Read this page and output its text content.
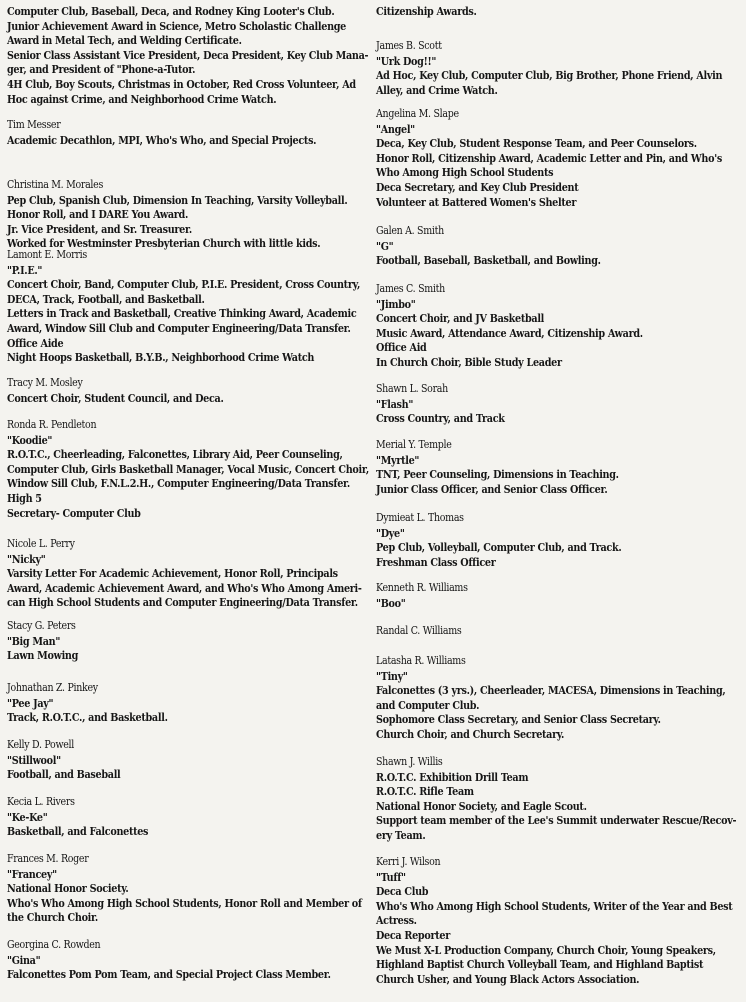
Computer Club, Baseball, Deca, and Rodney King Looter's Club.
Junior Achievement Award in Science, Metro Scholastic Challenge
Award in Metal Tech, and Welding Certificate.
Senior Class Assistant Vice President, Deca President, Key Club Mana-
ger, and President of "Phone-a-Tutor.
4H Club, Boy Scouts, Christmas in October, Red Cross Volunteer, Ad
Hoc against Crime, and Neighborhood Crime Watch.
Tim Messer
Academic Decathlon, MPI, Who's Who, and Special Projects.
Christina M. Morales
Pep Club, Spanish Club, Dimension In Teaching, Varsity Volleyball.
Honor Roll, and I DARE You Award.
Jr. Vice President, and Sr. Treasurer.
Worked for Westminster Presbyterian Church with little kids.
Lamont E. Morris
"P.I.E."
Concert Choir, Band, Computer Club, P.I.E. President, Cross Country,
DECA, Track, Football, and Basketball.
Letters in Track and Basketball, Creative Thinking Award, Academic
Award, Window Sill Club and Computer Engineering/Data Transfer.
Office Aide
Night Hoops Basketball, B.Y.B., Neighborhood Crime Watch
Tracy M. Mosley
Concert Choir, Student Council, and Deca.
Ronda R. Pendleton
"Koodie"
R.O.T.C., Cheerleading, Falconettes, Library Aid, Peer Counseling,
Computer Club, Girls Basketball Manager, Vocal Music, Concert Choir,
Window Sill Club, F.N.L.2.H., Computer Engineering/Data Transfer.
High 5
Secretary- Computer Club
Nicole L. Perry
"Nicky"
Varsity Letter For Academic Achievement, Honor Roll, Principals
Award, Academic Achievement Award, and Who's Who Among Ameri-
can High School Students and Computer Engineering/Data Transfer.
Stacy G. Peters
"Big Man"
Lawn Mowing
Johnathan Z. Pinkey
"Pee Jay"
Track, R.O.T.C., and Basketball.
Kelly D. Powell
"Stillwool"
Football, and Baseball
Kecia L. Rivers
"Ke-Ke"
Basketball, and Falconettes
Frances M. Roger
"Francey"
National Honor Society.
Who's Who Among High School Students, Honor Roll and Member of
the Church Choir.
Georgina C. Rowden
"Gina"
Falconettes Pom Pom Team, and Special Project Class Member.
Citizenship Awards.
James B. Scott
"Urk Dog!!"
Ad Hoc, Key Club, Computer Club, Big Brother, Phone Friend, Alvin
Alley, and Crime Watch.
Angelina M. Slape
"Angel"
Deca, Key Club, Student Response Team, and Peer Counselors.
Honor Roll, Citizenship Award, Academic Letter and Pin, and Who's
Who Among High School Students
Deca Secretary, and Key Club President
Volunteer at Battered Women's Shelter
Galen A. Smith
"G"
Football, Baseball, Basketball, and Bowling.
James C. Smith
"Jimbo"
Concert Choir, and JV Basketball
Music Award, Attendance Award, Citizenship Award.
Office Aid
In Church Choir, Bible Study Leader
Shawn L. Sorah
"Flash"
Cross Country, and Track
Merial Y. Temple
"Myrtle"
TNT, Peer Counseling, Dimensions in Teaching.
Junior Class Officer, and Senior Class Officer.
Dymieat L. Thomas
"Dye"
Pep Club, Volleyball, Computer Club, and Track.
Freshman Class Officer
Kenneth R. Williams
"Boo"
Randal C. Williams
Latasha R. Williams
"Tiny"
Falconettes (3 yrs.), Cheerleader, MACESA, Dimensions in Teaching,
and Computer Club.
Sophomore Class Secretary, and Senior Class Secretary.
Church Choir, and Church Secretary.
Shawn J. Willis
R.O.T.C. Exhibition Drill Team
R.O.T.C. Rifle Team
National Honor Society, and Eagle Scout.
Support team member of the Lee's Summit underwater Rescue/Recov-
ery Team.
Kerri J. Wilson
"Tuff"
Deca Club
Who's Who Among High School Students, Writer of the Year and Best
Actress.
Deca Reporter
We Must X-L Production Company, Church Choir, Young Speakers,
Highland Baptist Church Volleyball Team, and Highland Baptist
Church Usher, and Young Black Actors Association.
